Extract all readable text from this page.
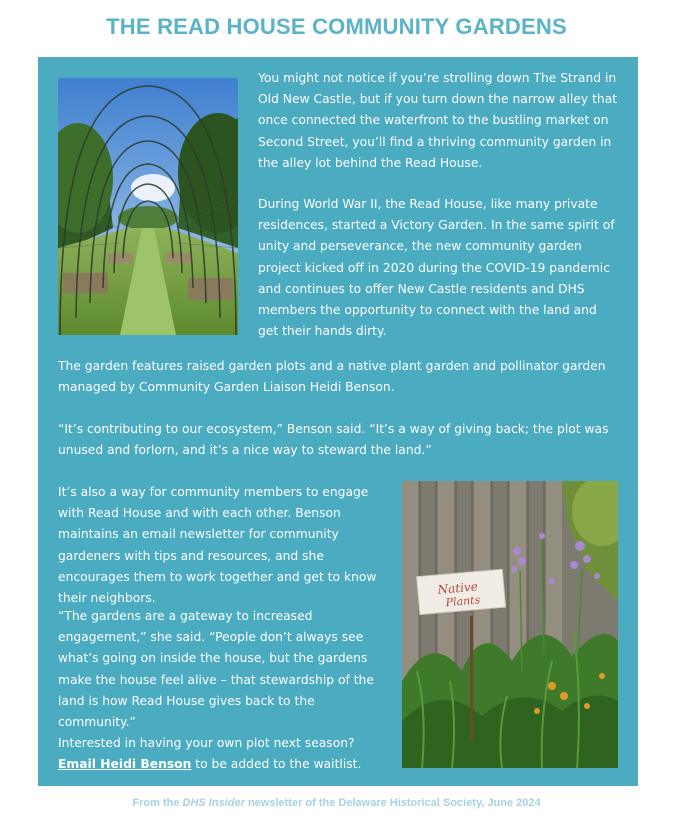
THE READ HOUSE COMMUNITY GARDENS

You might not notice if you’re strolling down The Strand in Old New Castle, but if you turn down the narrow alley that once connected the waterfront to the bustling market on Second Street, you’ll find a thriving community garden in the alley lot behind the Read House.

During World War II, the Read House, like many private residences, started a Victory Garden. In the same spirit of unity and perseverance, the new community garden project kicked off in 2020 during the COVID-19 pandemic and continues to offer New Castle residents and DHS members the opportunity to connect with the land and get their hands dirty.

The garden features raised garden plots and a native plant garden and pollinator garden managed by Community Garden Liaison Heidi Benson.

“It’s contributing to our ecosystem,” Benson said. “It’s a way of giving back; the plot was unused and forlorn, and it’s a nice way to steward the land.”

It’s also a way for community members to engage with Read House and with each other. Benson maintains an email newsletter for community gardeners with tips and resources, and she encourages them to work together and get to know their neighbors.

“The gardens are a gateway to increased engagement,” she said. “People don’t always see what’s going on inside the house, but the gardens make the house feel alive – that stewardship of the land is how Read House gives back to the community.”

Interested in having your own plot next season?
Email Heidi Benson to be added to the waitlist.

Native
Plants
From the DHS Insider newsletter of the Delaware Historical Society, June 2024
